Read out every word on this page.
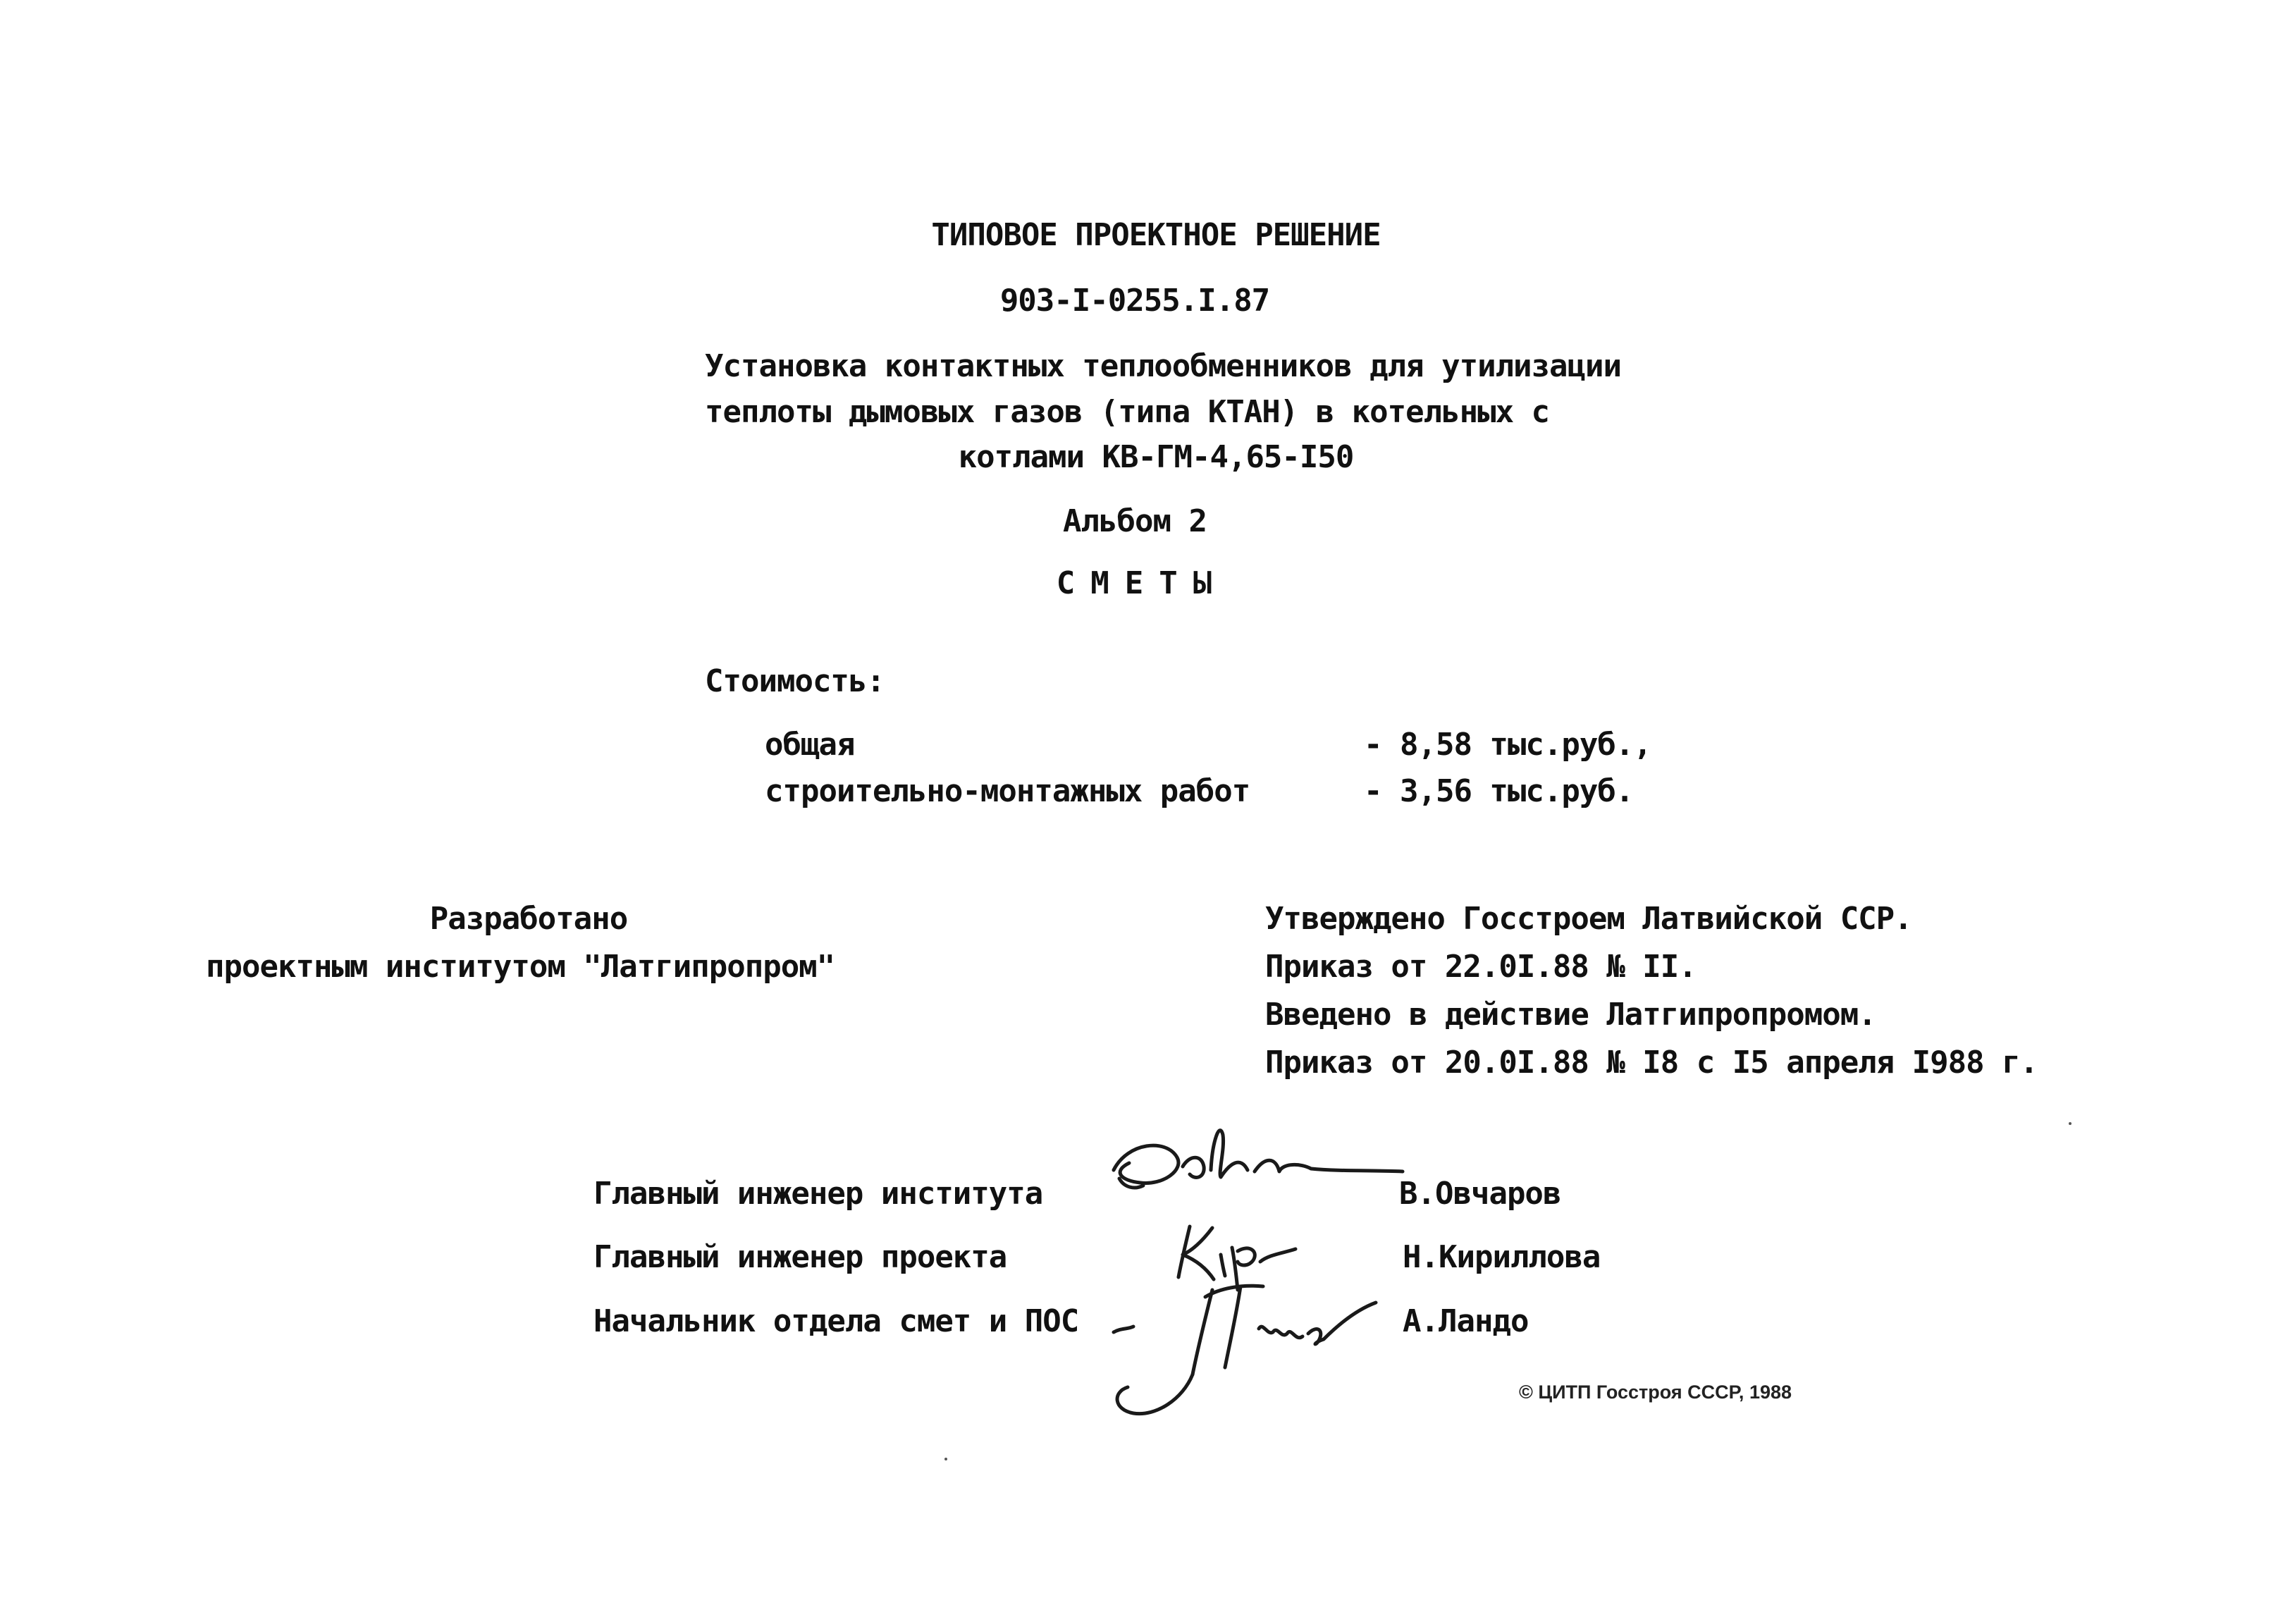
ТИПОВОЕ ПРОЕКТНОЕ РЕШЕНИЕ
903-I-0255.I.87
Установка контактных теплообменников для утилизации
теплоты дымовых газов (типа КТАН) в котельных с
котлами КВ-ГМ-4,65-I50
Альбом 2
СМЕТЫ
Стоимость:
общая	- 8,58 тыс.руб.,
строительно-монтажных работ	- 3,56 тыс.руб.
Разработано
проектным институтом "Латгипропром"
Утверждено Госстроем Латвийской ССР.
Приказ от 22.0I.88 № II.
Введено в действие Латгипропромом.
Приказ от 20.0I.88 № I8 с I5 апреля I988 г.
Главный инженер института	В.Овчаров
Главный инженер проекта	Н.Кириллова
Начальник отдела смет и ПОС	А.Ландо
© ЦИТП Госстроя СССР, 1988
